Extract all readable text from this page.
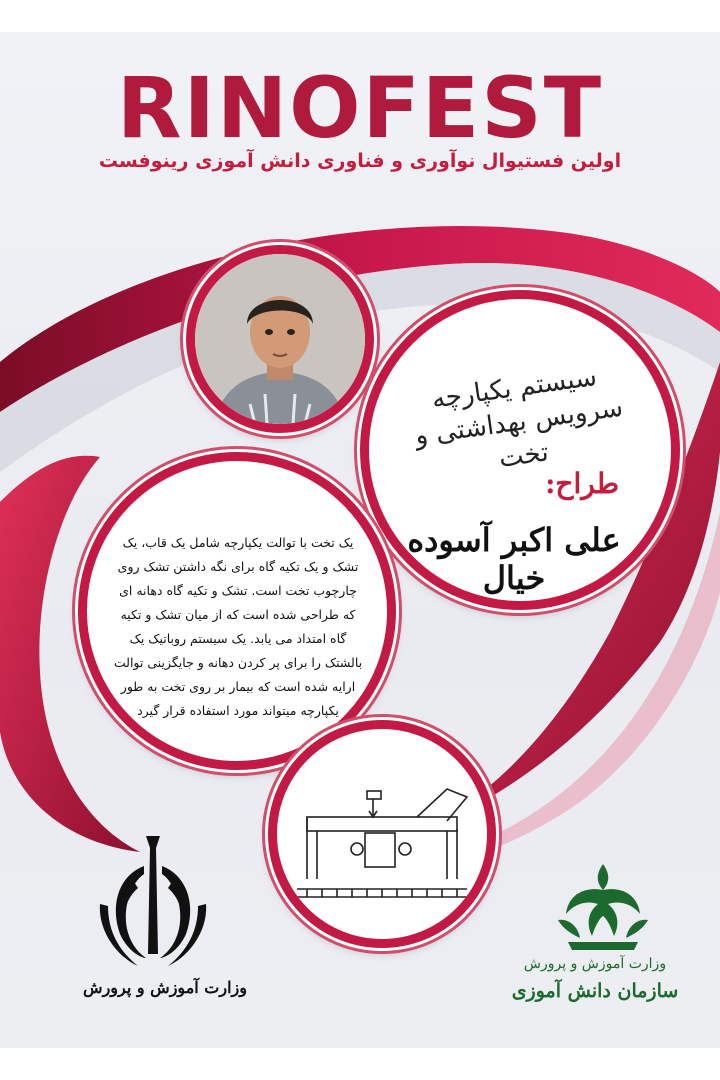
RINOFEST
اولین فستیوال نوآوری و فناوری دانش آموزی رینوفست
سیستم یکپارچه سرویس بهداشتی و تخت
طراح:
علی اکبر آسوده خیال
یک تخت با توالت یکپارچه شامل یک قاب، یک تشک و یک تکیه گاه برای نگه داشتن تشک روی چارچوب تخت است. تشک و تکیه گاه دهانه ای که طراحی شده است که از میان تشک و تکیه گاه امتداد می یابد. یک سیستم روباتیک یک بالشتک را برای پر کردن دهانه و جایگزینی توالت ارایه شده است که بیمار بر روی تخت به طور یکپارچه میتواند مورد استفاده قرار گیرد
وزارت آموزش و پرورش
وزارت آموزش و پرورش
سازمان دانش آموزی
